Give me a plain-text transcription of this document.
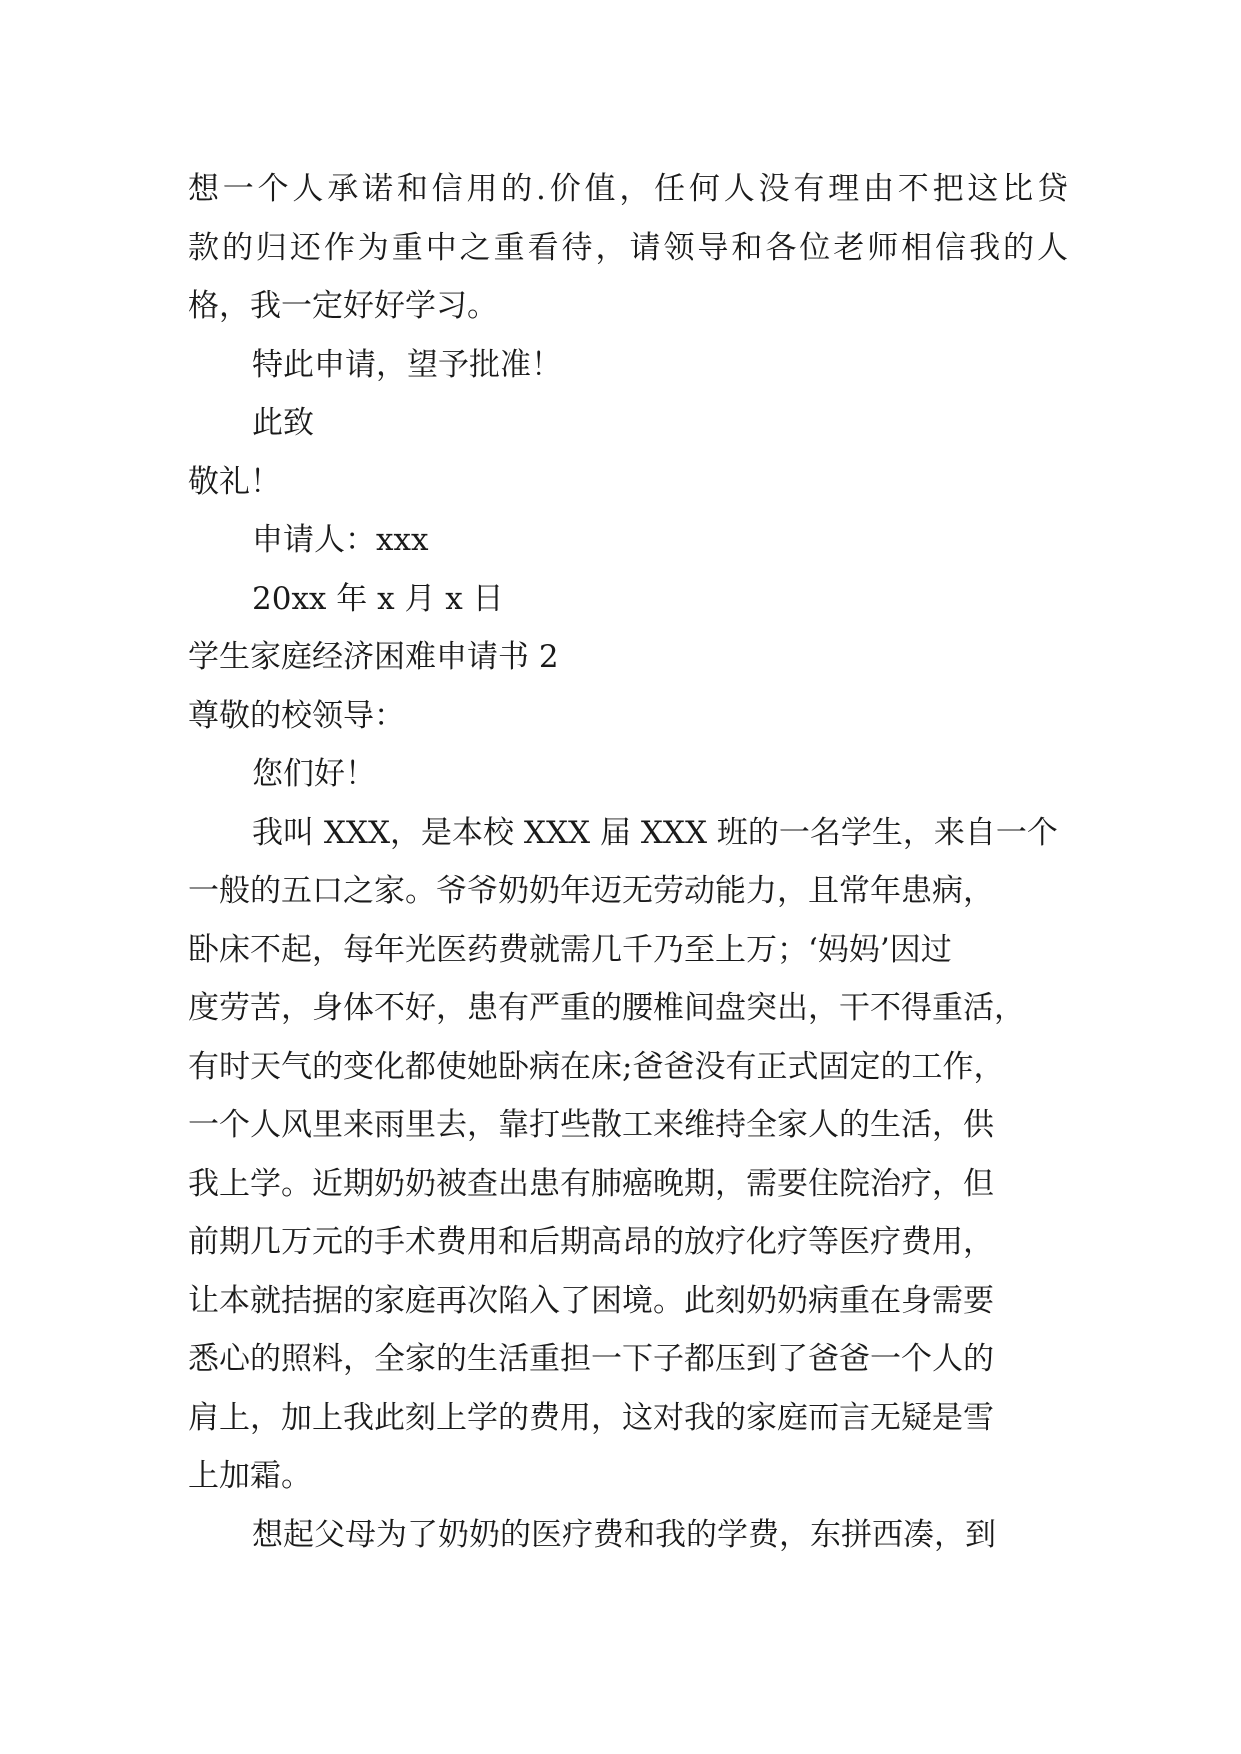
想一个人承诺和信用的.价值，任何人没有理由不把这比贷
款的归还作为重中之重看待，请领导和各位老师相信我的人
格，我一定好好学习。
特此申请，望予批准！
此致
敬礼！
申请人：xxx
20xx 年 x 月 x 日
学生家庭经济困难申请书 2
尊敬的校领导：
您们好！
我叫 XXX，是本校 XXX 届 XXX 班的一名学生，来自一个
一般的五口之家。爷爷奶奶年迈无劳动能力，且常年患病，
卧床不起，每年光医药费就需几千乃至上万；‘妈妈’因过
度劳苦，身体不好，患有严重的腰椎间盘突出，干不得重活，
有时天气的变化都使她卧病在床;爸爸没有正式固定的工作，
一个人风里来雨里去，靠打些散工来维持全家人的生活，供
我上学。近期奶奶被查出患有肺癌晚期，需要住院治疗，但
前期几万元的手术费用和后期高昂的放疗化疗等医疗费用，
让本就拮据的家庭再次陷入了困境。此刻奶奶病重在身需要
悉心的照料，全家的生活重担一下子都压到了爸爸一个人的
肩上，加上我此刻上学的费用，这对我的家庭而言无疑是雪
上加霜。
想起父母为了奶奶的医疗费和我的学费，东拼西凑，到
